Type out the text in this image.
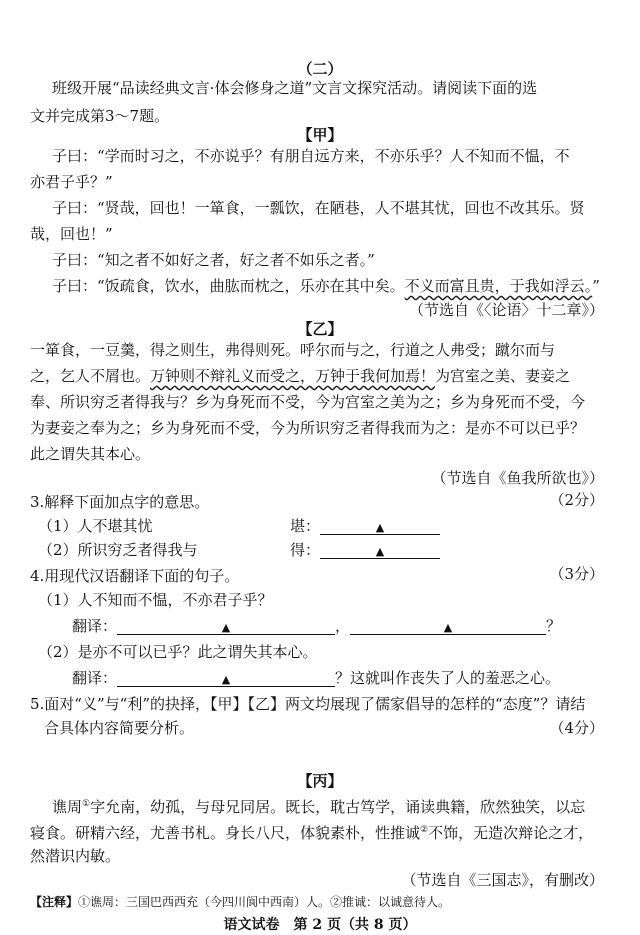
（二）
班级开展“品读经典文言·体会修身之道”文言文探究活动。请阅读下面的选
文并完成第3～7题。
【甲】
子曰：“学而时习之，不亦说乎？有朋自远方来，不亦乐乎？人不知而不愠，不
亦君子乎？”
子曰：“贤哉，回也！一箪食，一瓢饮，在陋巷，人不堪其忧，回也不改其乐。贤
哉，回也！”
子曰：“知之者不如好之者，好之者不如乐之者。”
子曰：“饭疏食，饮水，曲肱而枕之，乐亦在其中矣。不义而富且贵，于我如浮云。”
（节选自《〈论语〉十二章》）
【乙】
一箪食，一豆羹，得之则生，弗得则死。呼尔而与之，行道之人弗受；蹴尔而与
之，乞人不屑也。万钟则不辩礼义而受之，万钟于我何加焉！为宫室之美、妻妾之
奉、所识穷乏者得我与？乡为身死而不受，今为宫室之美为之；乡为身死而不受，今
为妻妾之奉为之；乡为身死而不受，今为所识穷乏者得我而为之：是亦不可以已乎？
此之谓失其本心。
（节选自《鱼我所欲也》）
3.解释下面加点字的意思。	（2分）
（1）人不堪其忧	堪：	▲
（2）所识穷乏者得我与	得：	▲
4.用现代汉语翻译下面的句子。	（3分）
（1）人不知而不愠，不亦君子乎？
翻译：	▲	，	▲	？
（2）是亦不可以已乎？此之谓失其本心。
翻译：	▲	？这就叫作丧失了人的羞恶之心。
5.面对“义”与“利”的抉择，【甲】【乙】两文均展现了儒家倡导的怎样的“态度”？请结
合具体内容简要分析。	（4分）
【丙】
谯周①字允南，幼孤，与母兄同居。既长，耽古笃学，诵读典籍，欣然独笑，以忘
寝食。研精六经，尤善书札。身长八尺，体貌素朴，性推诚②不饰，无造次辩论之才，
然潜识内敏。
（节选自《三国志》，有删改）
【注释】①谯周：三国巴西西充（今四川阆中西南）人。②推诚：以诚意待人。
语文试卷　第 2 页（共 8 页）
